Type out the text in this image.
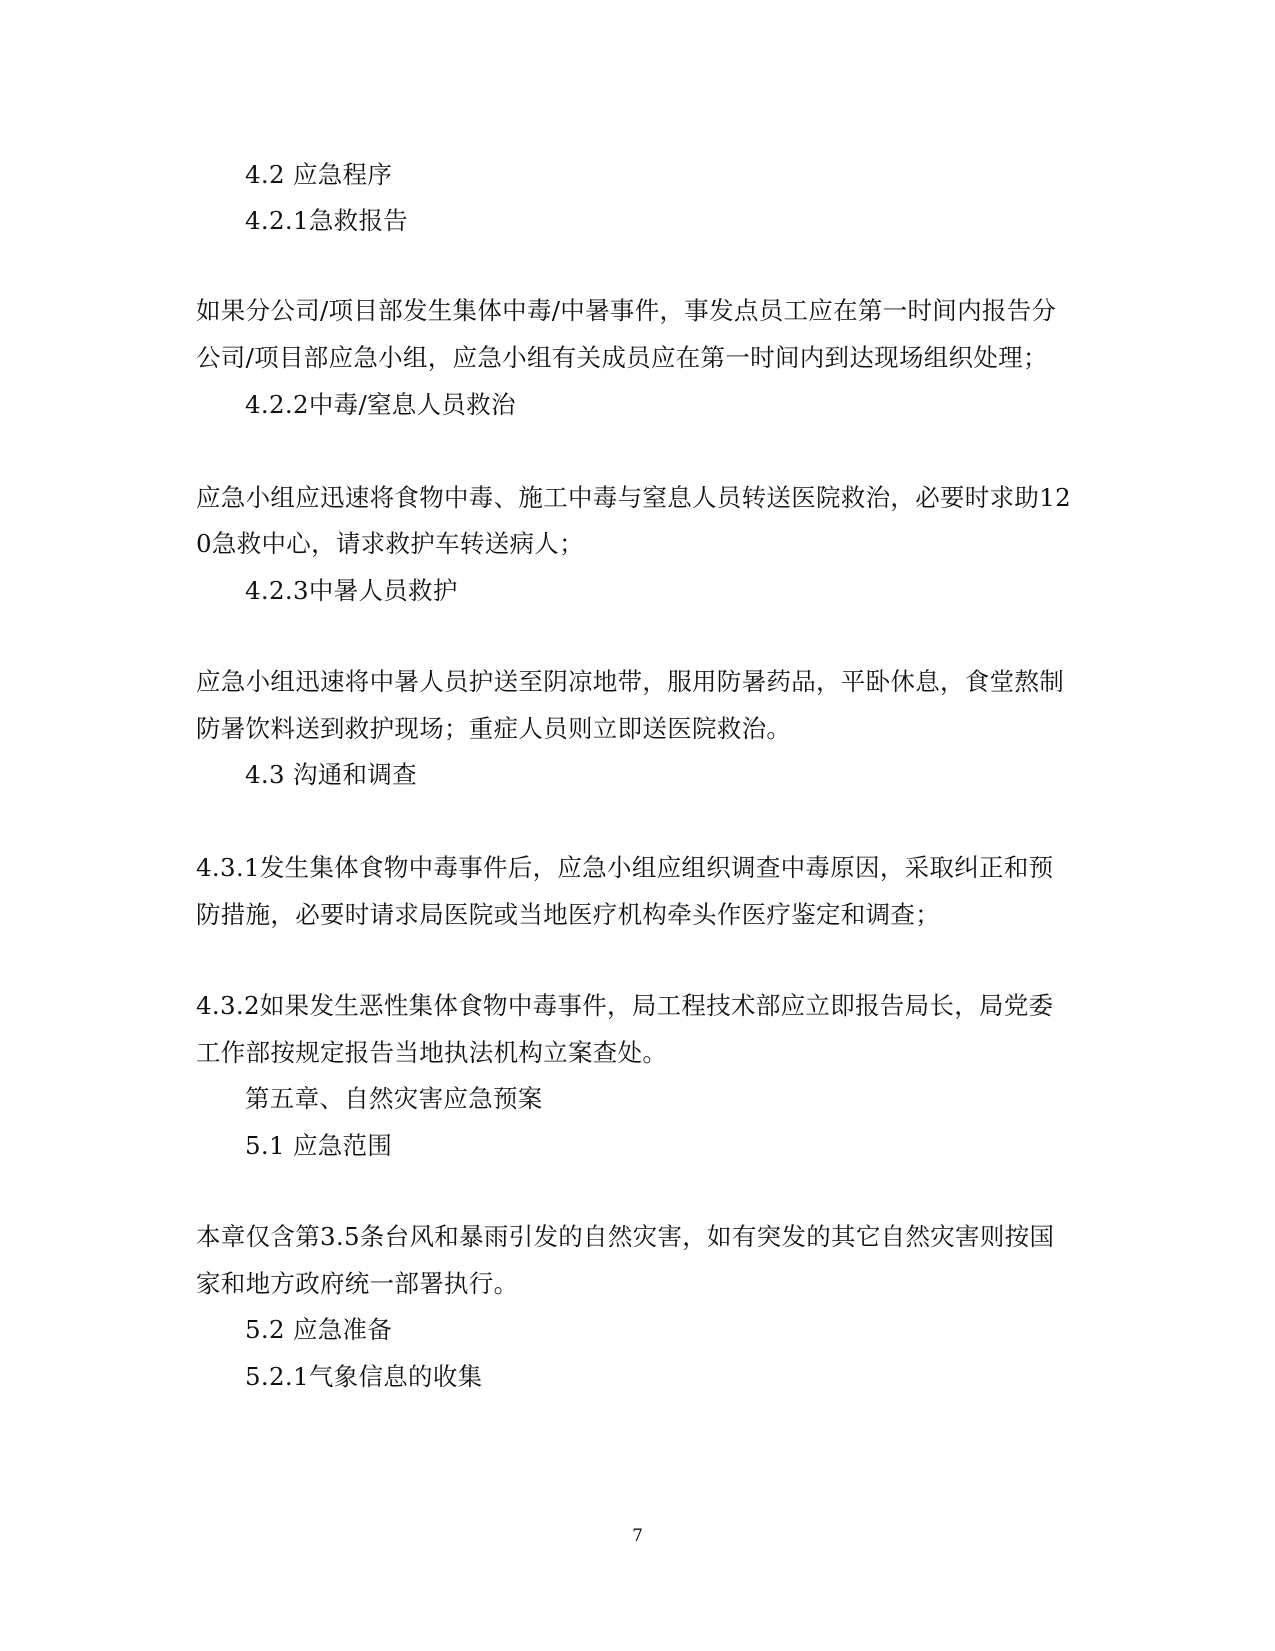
4.2 应急程序
4.2.1急救报告
如果分公司/项目部发生集体中毒/中暑事件，事发点员工应在第一时间内报告分
公司/项目部应急小组，应急小组有关成员应在第一时间内到达现场组织处理；
4.2.2中毒/窒息人员救治
应急小组应迅速将食物中毒、施工中毒与窒息人员转送医院救治，必要时求助12
0急救中心，请求救护车转送病人；
4.2.3中暑人员救护
应急小组迅速将中暑人员护送至阴凉地带，服用防暑药品，平卧休息，食堂熬制
防暑饮料送到救护现场；重症人员则立即送医院救治。
4.3 沟通和调查
4.3.1发生集体食物中毒事件后，应急小组应组织调查中毒原因，采取纠正和预
防措施，必要时请求局医院或当地医疗机构牵头作医疗鉴定和调查；
4.3.2如果发生恶性集体食物中毒事件，局工程技术部应立即报告局长，局党委
工作部按规定报告当地执法机构立案查处。
第五章、自然灾害应急预案
5.1 应急范围
本章仅含第3.5条台风和暴雨引发的自然灾害，如有突发的其它自然灾害则按国
家和地方政府统一部署执行。
5.2 应急准备
5.2.1气象信息的收集
7
